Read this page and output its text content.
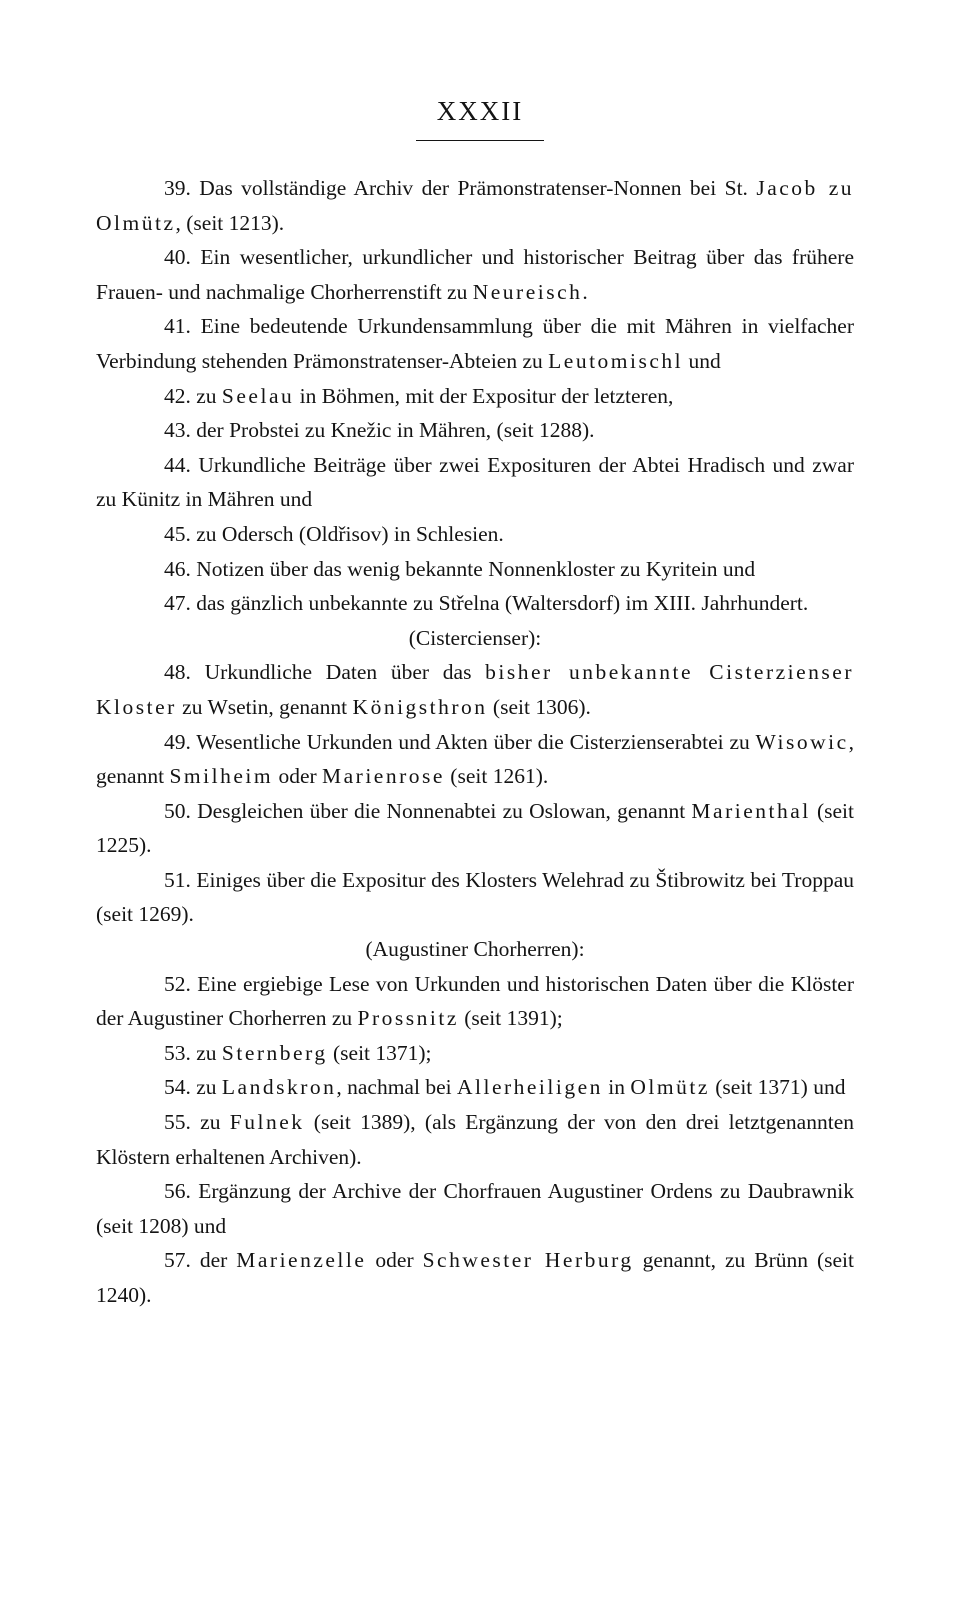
XXXII

39. Das vollständige Archiv der Prämonstratenser-Nonnen bei St. Jacob zu Olmütz, (seit 1213).

40. Ein wesentlicher, urkundlicher und historischer Beitrag über das frühere Frauen- und nachmalige Chorherrenstift zu Neureisch.

41. Eine bedeutende Urkundensammlung über die mit Mähren in vielfacher Verbindung stehenden Prämonstratenser-Abteien zu Leutomischl und

42. zu Seelau in Böhmen, mit der Expositur der letzteren,

43. der Probstei zu Knežic in Mähren, (seit 1288).

44. Urkundliche Beiträge über zwei Exposituren der Abtei Hradisch und zwar zu Künitz in Mähren und

45. zu Odersch (Oldřisov) in Schlesien.

46. Notizen über das wenig bekannte Nonnenkloster zu Kyritein und

47. das gänzlich unbekannte zu Střelna (Waltersdorf) im XIII. Jahrhundert.

(Cistercienser):

48. Urkundliche Daten über das bisher unbekannte Cisterzienser Kloster zu Wsetin, genannt Königsthron (seit 1306).

49. Wesentliche Urkunden und Akten über die Cisterzienserabtei zu Wisowic, genannt Smilheim oder Marienrose (seit 1261).

50. Desgleichen über die Nonnenabtei zu Oslowan, genannt Marienthal (seit 1225).

51. Einiges über die Expositur des Klosters Welehrad zu Štibrowitz bei Troppau (seit 1269).

(Augustiner Chorherren):

52. Eine ergiebige Lese von Urkunden und historischen Daten über die Klöster der Augustiner Chorherren zu Prossnitz (seit 1391);

53. zu Sternberg (seit 1371);

54. zu Landskron, nachmal bei Allerheiligen in Olmütz (seit 1371) und

55. zu Fulnek (seit 1389), (als Ergänzung der von den drei letztgenannten Klöstern erhaltenen Archiven).

56. Ergänzung der Archive der Chorfrauen Augustiner Ordens zu Daubrawnik (seit 1208) und

57. der Marienzelle oder Schwester Herburg genannt, zu Brünn (seit 1240).
